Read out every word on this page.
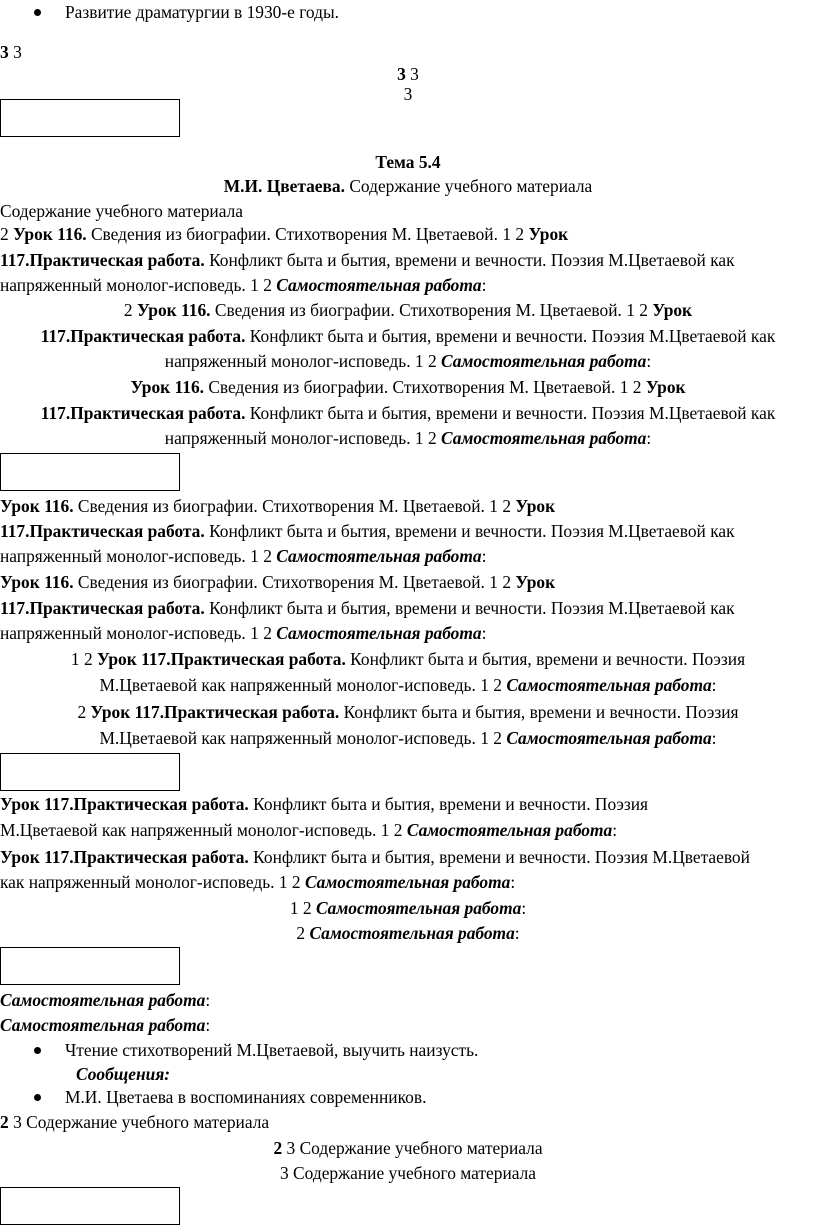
Развитие драматургии в 1930-е годы.
3 3
3 3
3
Тема 5.4
М.И. Цветаева. Содержание учебного материала
Содержание учебного материала
2 Урок 116. Сведения из биографии. Стихотворения М. Цветаевой. 1 2 Урок
117.Практическая работа. Конфликт быта и бытия, времени и вечности. Поэзия М.Цветаевой как
напряженный монолог-исповедь. 1 2 Самостоятельная работа:
2 Урок 116. Сведения из биографии. Стихотворения М. Цветаевой. 1 2 Урок
117.Практическая работа. Конфликт быта и бытия, времени и вечности. Поэзия М.Цветаевой как
напряженный монолог-исповедь. 1 2 Самостоятельная работа:
Урок 116. Сведения из биографии. Стихотворения М. Цветаевой. 1 2 Урок
117.Практическая работа. Конфликт быта и бытия, времени и вечности. Поэзия М.Цветаевой как
напряженный монолог-исповедь. 1 2 Самостоятельная работа:
Урок 116. Сведения из биографии. Стихотворения М. Цветаевой. 1 2 Урок
117.Практическая работа. Конфликт быта и бытия, времени и вечности. Поэзия М.Цветаевой как
напряженный монолог-исповедь. 1 2 Самостоятельная работа:
Урок 116. Сведения из биографии. Стихотворения М. Цветаевой. 1 2 Урок
117.Практическая работа. Конфликт быта и бытия, времени и вечности. Поэзия М.Цветаевой как
напряженный монолог-исповедь. 1 2 Самостоятельная работа:
1 2 Урок 117.Практическая работа. Конфликт быта и бытия, времени и вечности. Поэзия
М.Цветаевой как напряженный монолог-исповедь. 1 2 Самостоятельная работа:
2 Урок 117.Практическая работа. Конфликт быта и бытия, времени и вечности. Поэзия
М.Цветаевой как напряженный монолог-исповедь. 1 2 Самостоятельная работа:
Урок 117.Практическая работа. Конфликт быта и бытия, времени и вечности. Поэзия
М.Цветаевой как напряженный монолог-исповедь. 1 2 Самостоятельная работа:
Урок 117.Практическая работа. Конфликт быта и бытия, времени и вечности. Поэзия М.Цветаевой
как напряженный монолог-исповедь. 1 2 Самостоятельная работа:
1 2 Самостоятельная работа:
2 Самостоятельная работа:
Самостоятельная работа:
Самостоятельная работа:
Чтение стихотворений М.Цветаевой, выучить наизусть.
Сообщения:
М.И. Цветаева в воспоминаниях современников.
2 3 Содержание учебного материала
2 3 Содержание учебного материала
3 Содержание учебного материала
